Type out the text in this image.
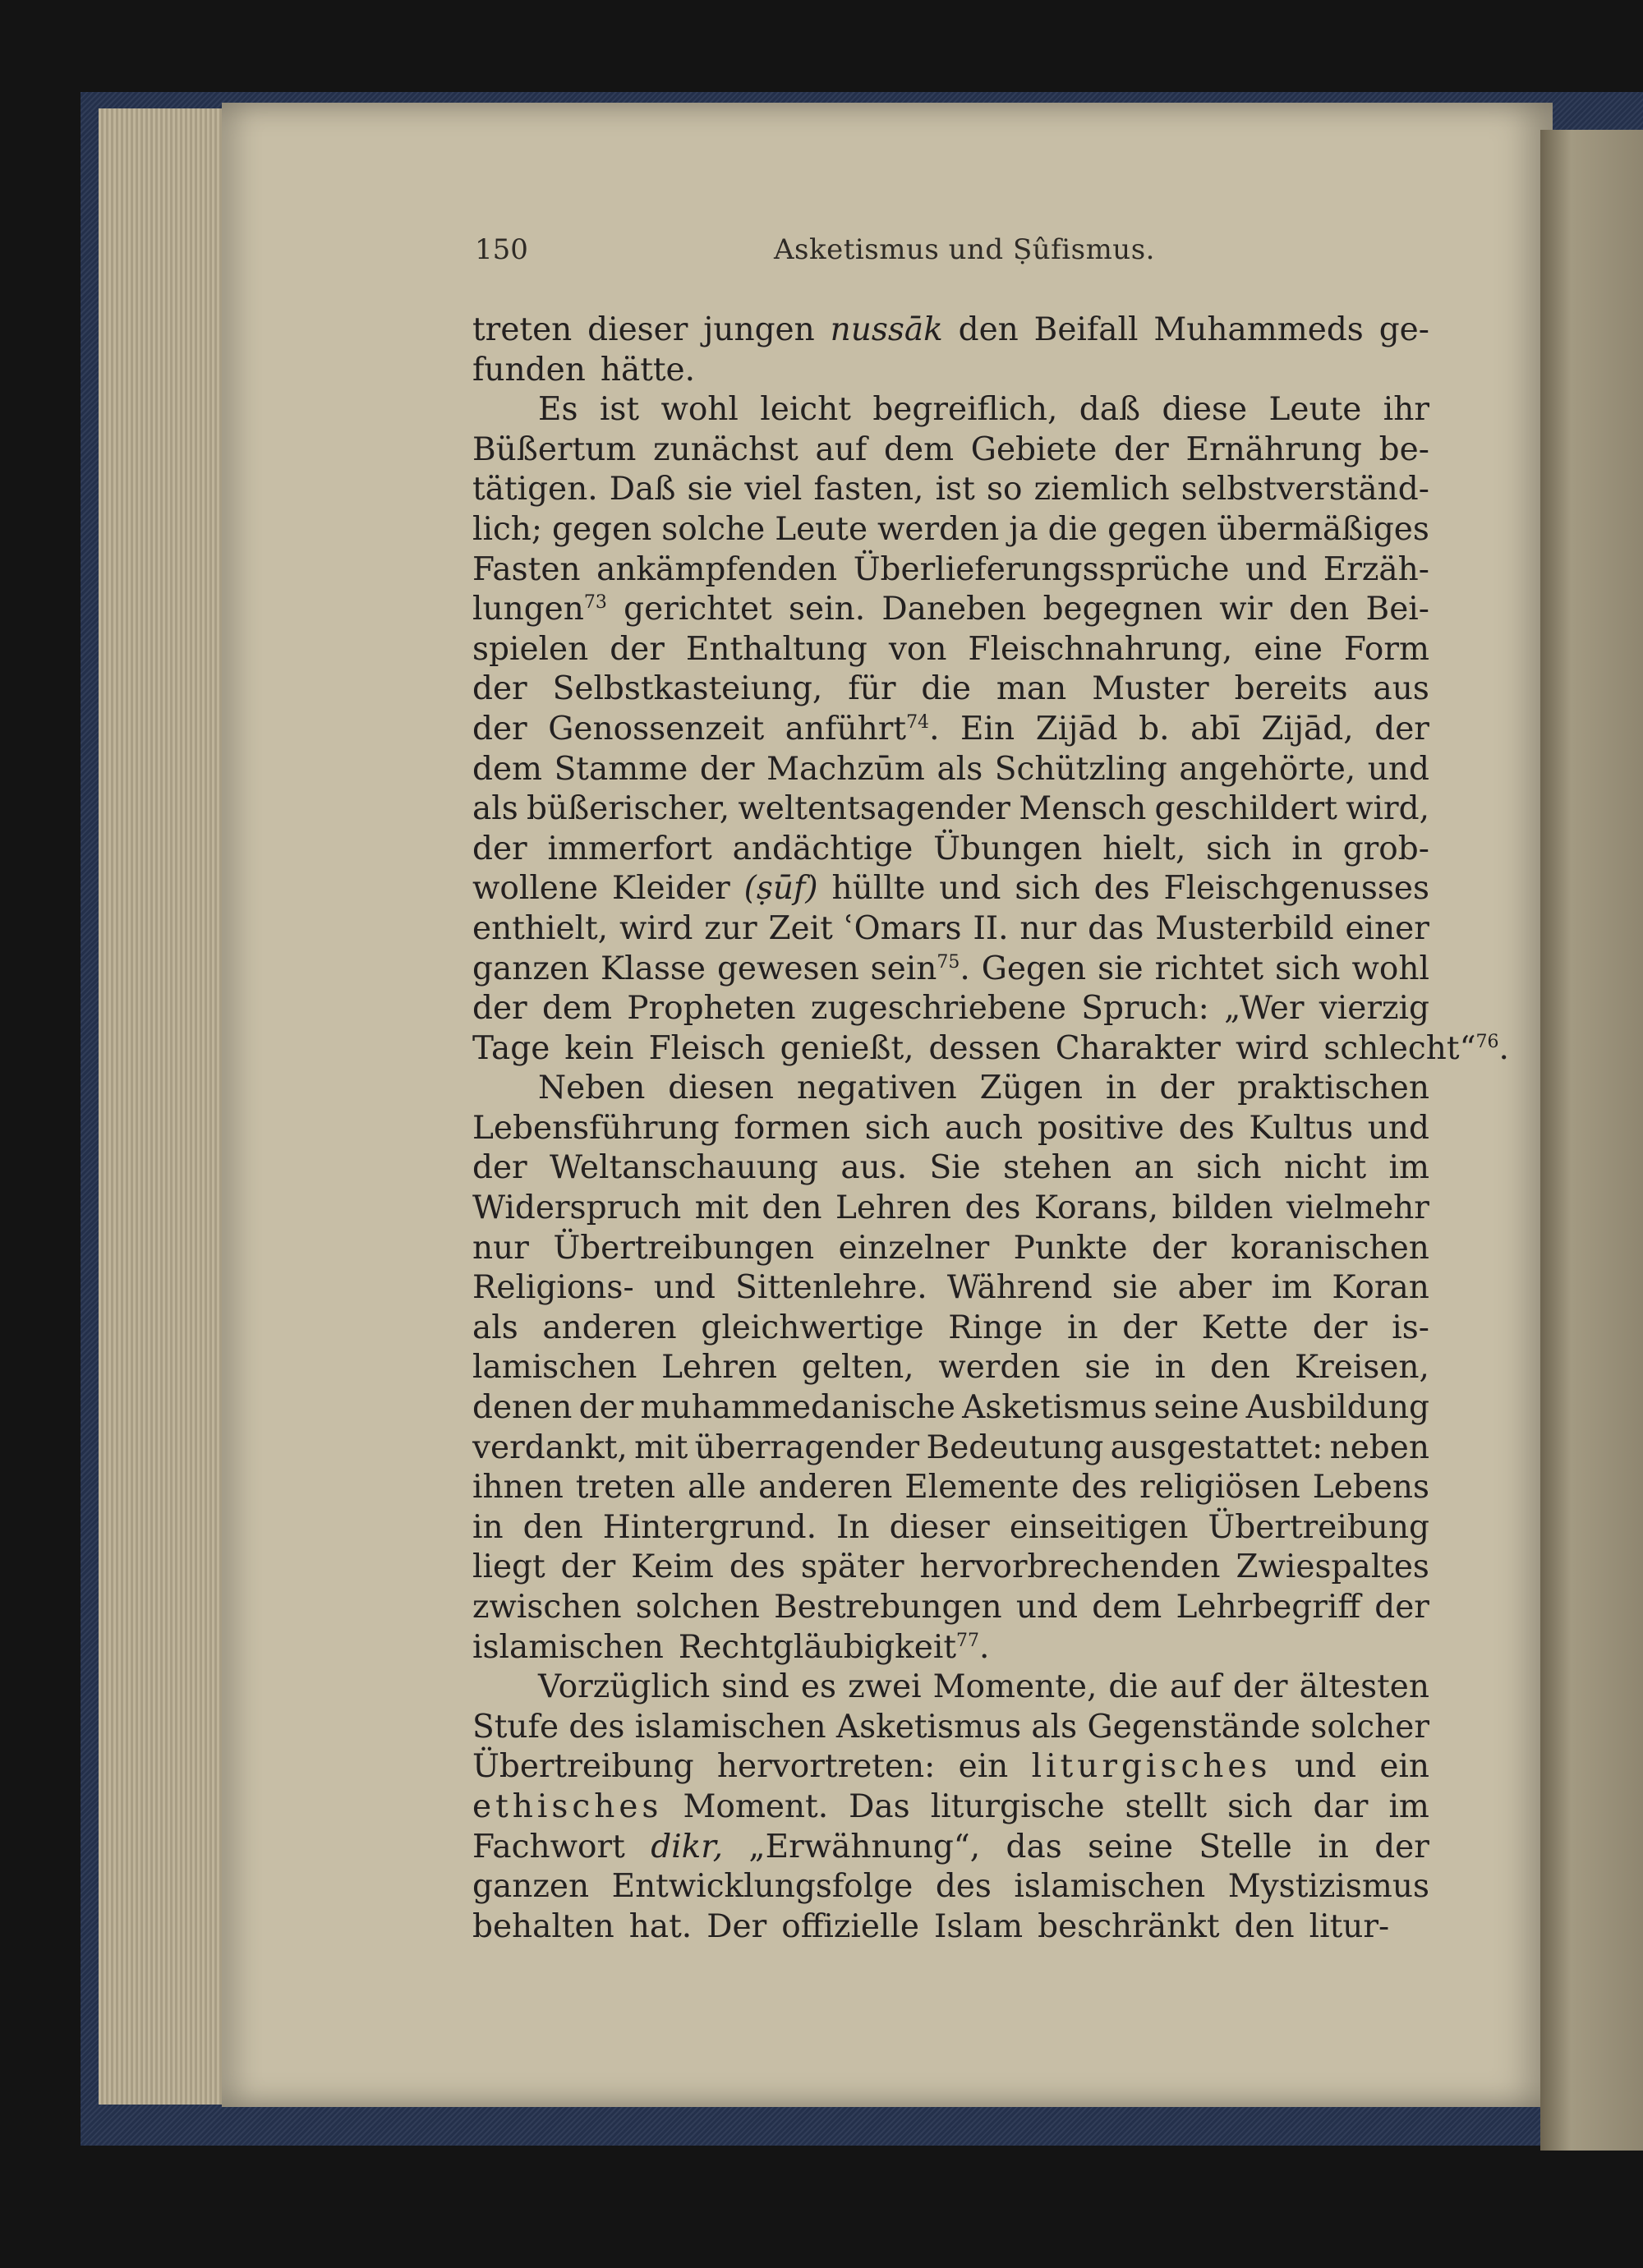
150	Asketismus und Ṣûfismus.
treten dieser jungen nussāk den Beifall Muhammeds ge-
funden hätte.
Es ist wohl leicht begreiflich, daß diese Leute ihr
Büßertum zunächst auf dem Gebiete der Ernährung be-
tätigen. Daß sie viel fasten, ist so ziemlich selbstverständ-
lich; gegen solche Leute werden ja die gegen übermäßiges
Fasten ankämpfenden Überlieferungssprüche und Erzäh-
lungen$^{73}$ gerichtet sein. Daneben begegnen wir den Bei-
spielen der Enthaltung von Fleischnahrung, eine Form
der Selbstkasteiung, für die man Muster bereits aus
der Genossenzeit anführt$^{74}$. Ein Zijād b. abī Zijād, der
dem Stamme der Machzūm als Schützling angehörte, und
als büßerischer, weltentsagender Mensch geschildert wird,
der immerfort andächtige Übungen hielt, sich in grob-
wollene Kleider (ṣūf) hüllte und sich des Fleischgenusses
enthielt, wird zur Zeit ʿOmars II. nur das Musterbild einer
ganzen Klasse gewesen sein$^{75}$. Gegen sie richtet sich wohl
der dem Propheten zugeschriebene Spruch: „Wer vierzig
Tage kein Fleisch genießt, dessen Charakter wird schlecht“$^{76}$.
Neben diesen negativen Zügen in der praktischen
Lebensführung formen sich auch positive des Kultus und
der Weltanschauung aus. Sie stehen an sich nicht im
Widerspruch mit den Lehren des Korans, bilden vielmehr
nur Übertreibungen einzelner Punkte der koranischen
Religions- und Sittenlehre. Während sie aber im Koran
als anderen gleichwertige Ringe in der Kette der is-
lamischen Lehren gelten, werden sie in den Kreisen,
denen der muhammedanische Asketismus seine Ausbildung
verdankt, mit überragender Bedeutung ausgestattet: neben
ihnen treten alle anderen Elemente des religiösen Lebens
in den Hintergrund. In dieser einseitigen Übertreibung
liegt der Keim des später hervorbrechenden Zwiespaltes
zwischen solchen Bestrebungen und dem Lehrbegriff der
islamischen Rechtgläubigkeit$^{77}$.
Vorzüglich sind es zwei Momente, die auf der ältesten
Stufe des islamischen Asketismus als Gegenstände solcher
Übertreibung hervortreten: ein liturgisches und ein
ethisches Moment. Das liturgische stellt sich dar im
Fachwort dikr, „Erwähnung“, das seine Stelle in der
ganzen Entwicklungsfolge des islamischen Mystizismus
behalten hat. Der offizielle Islam beschränkt den litur-
